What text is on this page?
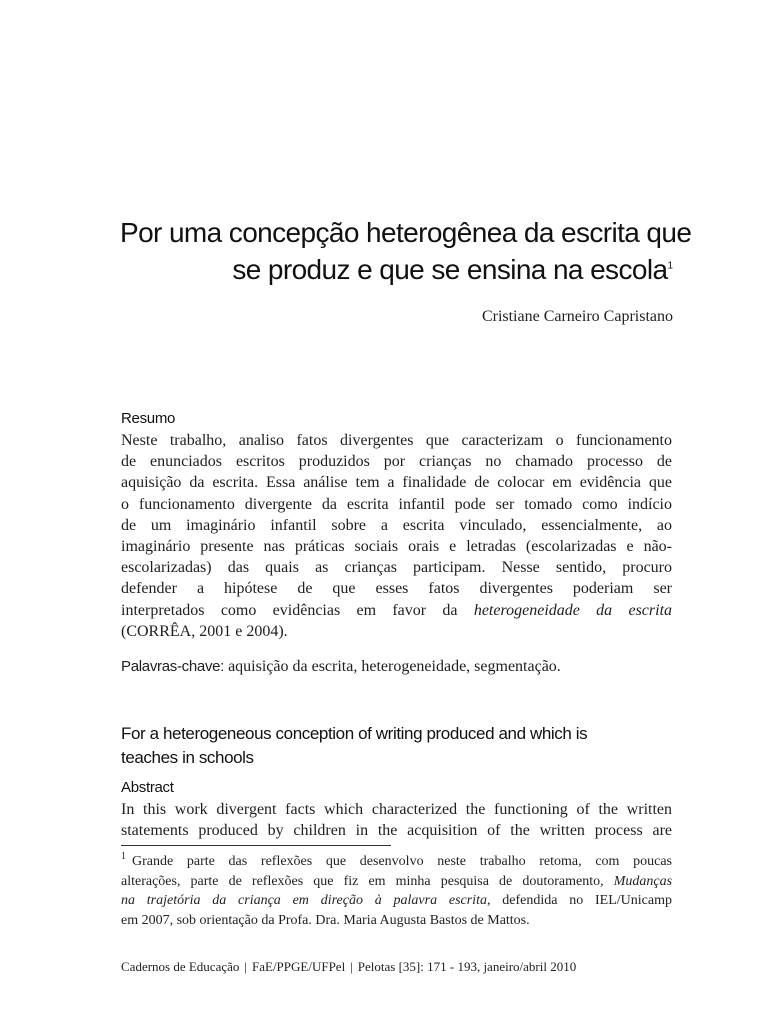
Por uma concepção heterogênea da escrita que
se produz e que se ensina na escola$^1$
Cristiane Carneiro Capristano
Resumo
Neste trabalho, analiso fatos divergentes que caracterizam o funcionamento
de enunciados escritos produzidos por crianças no chamado processo de
aquisição da escrita. Essa análise tem a finalidade de colocar em evidência que
o funcionamento divergente da escrita infantil pode ser tomado como indício
de um imaginário infantil sobre a escrita vinculado, essencialmente, ao
imaginário presente nas práticas sociais orais e letradas (escolarizadas e não-
escolarizadas) das quais as crianças participam. Nesse sentido, procuro
defender a hipótese de que esses fatos divergentes poderiam ser
interpretados como evidências em favor da heterogeneidade da escrita
(CORRÊA, 2001 e 2004).
Palavras-chave: aquisição da escrita, heterogeneidade, segmentação.
For a heterogeneous conception of writing produced and which is
teaches in schools
Abstract
In this work divergent facts which characterized the functioning of the written
statements produced by children in the acquisition of the written process are
$^1$ Grande parte das reflexões que desenvolvo neste trabalho retoma, com poucas
alterações, parte de reflexões que fiz em minha pesquisa de doutoramento, Mudanças
na trajetória da criança em direção à palavra escrita, defendida no IEL/Unicamp
em 2007, sob orientação da Profa. Dra. Maria Augusta Bastos de Mattos.
Cadernos de Educação | FaE/PPGE/UFPel | Pelotas [35]: 171 - 193, janeiro/abril 2010
